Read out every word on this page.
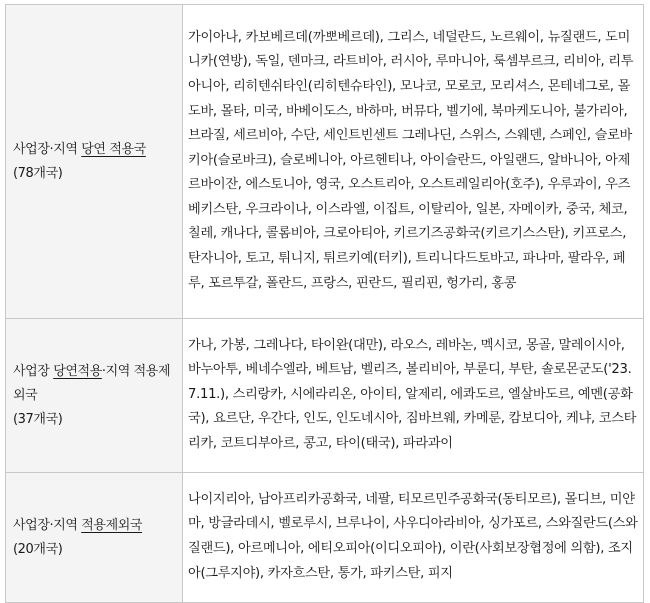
사업장·지역 당연 적용국
(78개국)	가이아나, 카보베르데(까뽀베르데), 그리스, 네덜란드, 노르웨이, 뉴질랜드, 도미니카(연방), 독일, 덴마크, 라트비아, 러시아, 루마니아, 룩셈부르크, 리비아, 리투아니아, 리히텐쉬타인(리히텐슈타인), 모나코, 모로코, 모리셔스, 몬테네그로, 몰도바, 몰타, 미국, 바베이도스, 바하마, 버뮤다, 벨기에, 북마케도니아, 불가리아, 브라질, 세르비아, 수단, 세인트빈센트 그레나딘, 스위스, 스웨덴, 스페인, 슬로바키아(슬로바크), 슬로베니아, 아르헨티나, 아이슬란드, 아일랜드, 알바니아, 아제르바이잔, 에스토니아, 영국, 오스트리아, 오스트레일리아(호주), 우루과이, 우즈베키스탄, 우크라이나, 이스라엘, 이집트, 이탈리아, 일본, 자메이카, 중국, 체코, 칠레, 캐나다, 콜롬비아, 크로아티아, 키르기즈공화국(키르기스스탄), 키프로스, 탄자니아, 토고, 튀니지, 튀르키예(터키), 트리니다드토바고, 파나마, 팔라우, 페루, 포르투갈, 폴란드, 프랑스, 핀란드, 필리핀, 헝가리, 홍콩

사업장 당연적용·지역 적용제외국
(37개국)	가나, 가봉, 그레나다, 타이완(대만), 라오스, 레바논, 멕시코, 몽골, 말레이시아, 바누아투, 베네수엘라, 베트남, 벨리즈, 볼리비아, 부룬디, 부탄, 솔로몬군도('23.7.11.), 스리랑카, 시에라리온, 아이티, 알제리, 에콰도르, 엘살바도르, 예멘(공화국), 요르단, 우간다, 인도, 인도네시아, 짐바브웨, 카메룬, 캄보디아, 케냐, 코스타리카, 코트디부아르, 콩고, 타이(태국), 파라과이

사업장·지역 적용제외국
(20개국)	나이지리아, 남아프리카공화국, 네팔, 티모르민주공화국(동티모르), 몰디브, 미얀마, 방글라데시, 벨로루시, 브루나이, 사우디아라비아, 싱가포르, 스와질란드(스와질랜드), 아르메니아, 에티오피아(이디오피아), 이란(사회보장협정에 의함), 조지아(그루지야), 카자흐스탄, 통가, 파키스탄, 피지
